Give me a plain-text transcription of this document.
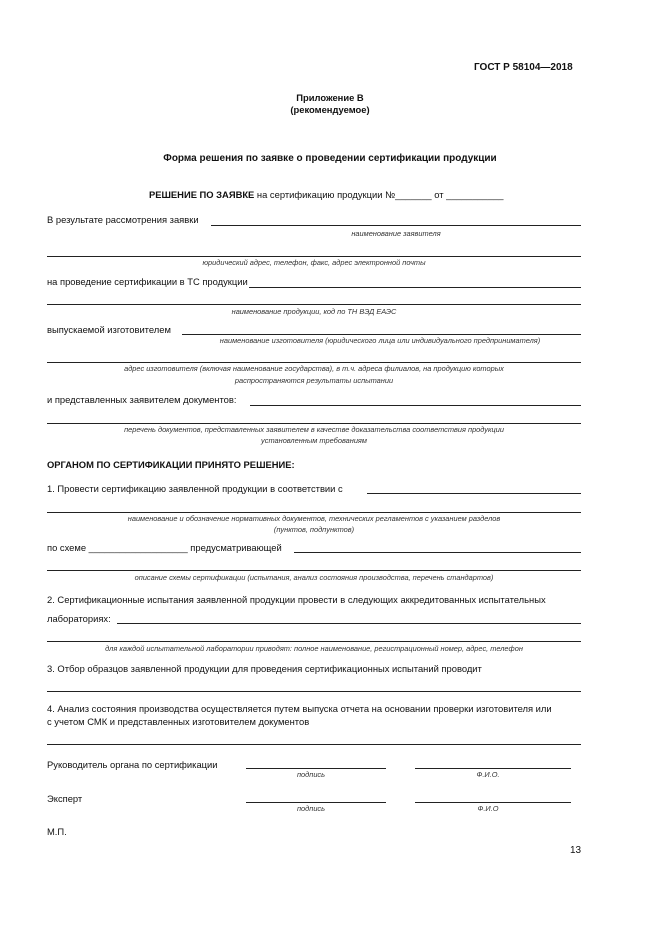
ГОСТ Р 58104—2018
Приложение В
(рекомендуемое)
Форма решения по заявке о проведении сертификации продукции
РЕШЕНИЕ ПО ЗАЯВКЕ на сертификацию продукции №_______ от ___________
В результате рассмотрения заявки
наименование заявителя
юридический адрес, телефон, факс, адрес электронной почты
на проведение сертификации в ТС продукции
наименование продукции, код по ТН ВЭД ЕАЭС
выпускаемой изготовителем
наименование изготовителя (юридического лица или индивидуального предпринимателя)
адрес изготовителя (включая наименование государства), в т.ч. адреса филиалов, на продукцию которых
распространяются результаты испытании
и представленных заявителем документов:
перечень документов, представленных заявителем в качестве доказательства соответствия продукции
установленным требованиям
ОРГАНОМ ПО СЕРТИФИКАЦИИ ПРИНЯТО РЕШЕНИЕ:
1. Провести сертификацию заявленной продукции в соответствии с
наименование и обозначение нормативных документов, технических регламентов с указанием разделов
(пунктов, подпунктов)
по схеме ___________________ предусматривающей
описание схемы сертификации (испытания, анализ состояния производства, перечень стандартов)
2. Сертификационные испытания заявленной продукции провести в следующих аккредитованных испытательных
лабораториях:
для каждой испытательной лаборатории приводят: полное наименование, регистрационный номер, адрес, телефон
3. Отбор образцов заявленной продукции для проведения сертификационных испытаний проводит
4. Анализ состояния производства осуществляется путем выпуска отчета на основании проверки изготовителя или
с учетом СМК и представленных изготовителем документов
Руководитель органа по сертификации
подпись	Ф.И.О.
Эксперт
подпись	Ф.И.О
М.П.
13
